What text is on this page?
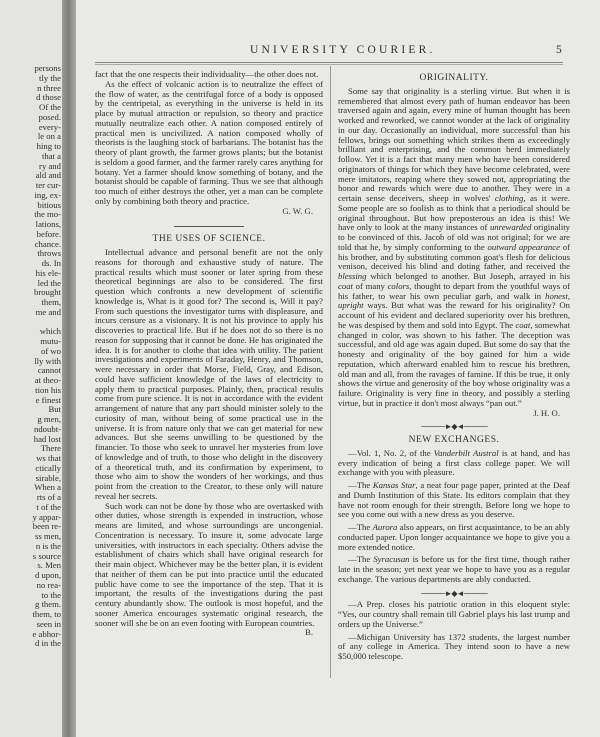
persons
tly the
n three
d those
Of the
posed.
every-
le on a
hing to
that a
ry and
ald and
ter cur-
ing, ex-
bitious
the mo-
lations,
before.
chance.
throws
ds. In
his ele-
led the
brought
them,
me and
which
mutu-
of wo
lly with
cannot
at theo-
tion his
e finest
But
g men,
ndoubt-
had lost
There
ws that
ctically
sirable,
When a
rts of a
t of the
y appar-
been re-
ss men,
n is the
s source
s. Men
d upon,
no rea-
to the
g them.
them, to
seen in
e abhor-
d in the
UNIVERSITY COURIER.	5

fact that the one respects their individuality—the other does not.

As the effect of volcanic action is to neutralize the effect of the flow of water, as the centrifugal force of a body is opposed by the centripetal, as everything in the universe is held in its place by mutual attraction or repulsion, so theory and practice mutually neutralize each other. A nation composed entirely of practical men is uncivilized. A nation composed wholly of theorists is the laughing stock of barbarians. The botanist has the theory of plant growth, the farmer grows plants; but the botanist is seldom a good farmer, and the farmer rarely cares anything for botany. Yet a farmer should know something of botany, and the botanist should be capable of farming. Thus we see that although too much of either destroys the other, yet a man can be complete only by combining both theory and practice.

G. W. G.

THE USES OF SCIENCE.

Intellectual advance and personal benefit are not the only reasons for thorough and exhaustive study of nature. The practical results which must sooner or later spring from these theoretical beginnings are also to be considered. The first question which confronts a new development of scientific knowledge is, What is it good for? The second is, Will it pay? From such questions the investigator turns with displeasure, and incurs censure as a visionary. It is not his province to apply his discoveries to practical life. But if he does not do so there is no reason for supposing that it cannot be done. He has originated the idea. It is for another to clothe that idea with utility. The patient investigations and experiments of Faraday, Henry, and Thomson, were necessary in order that Morse, Field, Gray, and Edison, could have sufficient knowledge of the laws of electricity to apply them to practical purposes. Plainly, then, practical results come from pure science. It is not in accordance with the evident arrangement of nature that any part should minister solely to the curiosity of man, without being of some practical use in the universe. It is from nature only that we can get material for new advances. But she seems unwilling to be questioned by the financier. To those who seek to unravel her mysteries from love of knowledge and of truth, to those who delight in the discovery of a theoretical truth, and its confirmation by experiment, to those who aim to show the wonders of her workings, and thus point from the creation to the Creator, to these only will nature reveal her secrets.

Such work can not be done by those who are overtasked with other duties, whose strength is expended in instruction, whose means are limited, and whose surroundings are uncongenial. Concentration is necessary. To insure it, some advocate large universities, with instructors in each specialty. Others advise the establishment of chairs which shall have original research for their main object. Whichever may be the better plan, it is evident that neither of them can be put into practice until the educated public have come to see the importance of the step. That it is important, the results of the investigations during the past century abundantly show. The outlook is most hopeful, and the sooner America encourages systematic original research, the sooner will she be on an even footing with European countries.

B.

ORIGINALITY.

Some say that originality is a sterling virtue. But when it is remembered that almost every path of human endeavor has been traversed again and again, every mine of human thought has been worked and reworked, we cannot wonder at the lack of originality in our day. Occasionally an individual, more successful than his fellows, brings out something which strikes them as exceedingly brilliant and enterprising, and the common herd immediately follow. Yet it is a fact that many men who have been considered originators of things for which they have become celebrated, were mere imitators, reaping where they sowed not, appropriating the honor and rewards which were due to another. They were in a certain sense deceivers, sheep in wolves' clothing, as it were. Some people are so foolish as to think that a periodical should be original throughout. But how preposterous an idea is this! We have only to look at the many instances of unrewarded originality to be convinced of this. Jacob of old was not original; for we are told that he, by simply conforming to the outward appearance of his brother, and by substituting common goat's flesh for delicious venison, deceived his blind and doting father, and received the blessing which belonged to another. But Joseph, arrayed in his coat of many colors, thought to depart from the youthful ways of his father, to wear his own peculiar garb, and walk in honest, upright ways. But what was the reward for his originality? On account of his evident and declared superiority over his brethren, he was despised by them and sold into Egypt. The coat, somewhat changed in color, was shown to his father. The deception was successful, and old age was again duped. But some do say that the honesty and originality of the boy gained for him a wide reputation, which afterward enabled him to rescue his brethren, old man and all, from the ravages of famine. If this be true, it only shows the virtue and generosity of the boy whose originality was a failure. Originality is very fine in theory, and possibly a sterling virtue, but in practice it don't most always “pan out.”

J. H. O.

─────►◆◄─────
NEW EXCHANGES.

—Vol. 1, No. 2, of the Vanderbilt Austral is at hand, and has every indication of being a first class college paper. We will exchange with you with pleasure.

—The Kansas Star, a neat four page paper, printed at the Deaf and Dumb Institution of this State. Its editors complain that they have not room enough for their strength. Before long we hope to see you come out with a new dress as you deserve.

—The Aurora also appears, on first acquaintance, to be an ably conducted paper. Upon longer acquaintance we hope to give you a more extended notice.

—The Syracusan is before us for the first time, though rather late in the season; yet next year we hope to have you as a regular exchange. The various departments are ably conducted.

─────►◆◄─────

—A Prep. closes his patriotic oration in this eloquent style: “Yes, our country shall remain till Gabriel plays his last trump and orders up the Universe.”

—Michigan University has 1372 students, the largest number of any college in America. They intend soon to have a new $50,000 telescope.
